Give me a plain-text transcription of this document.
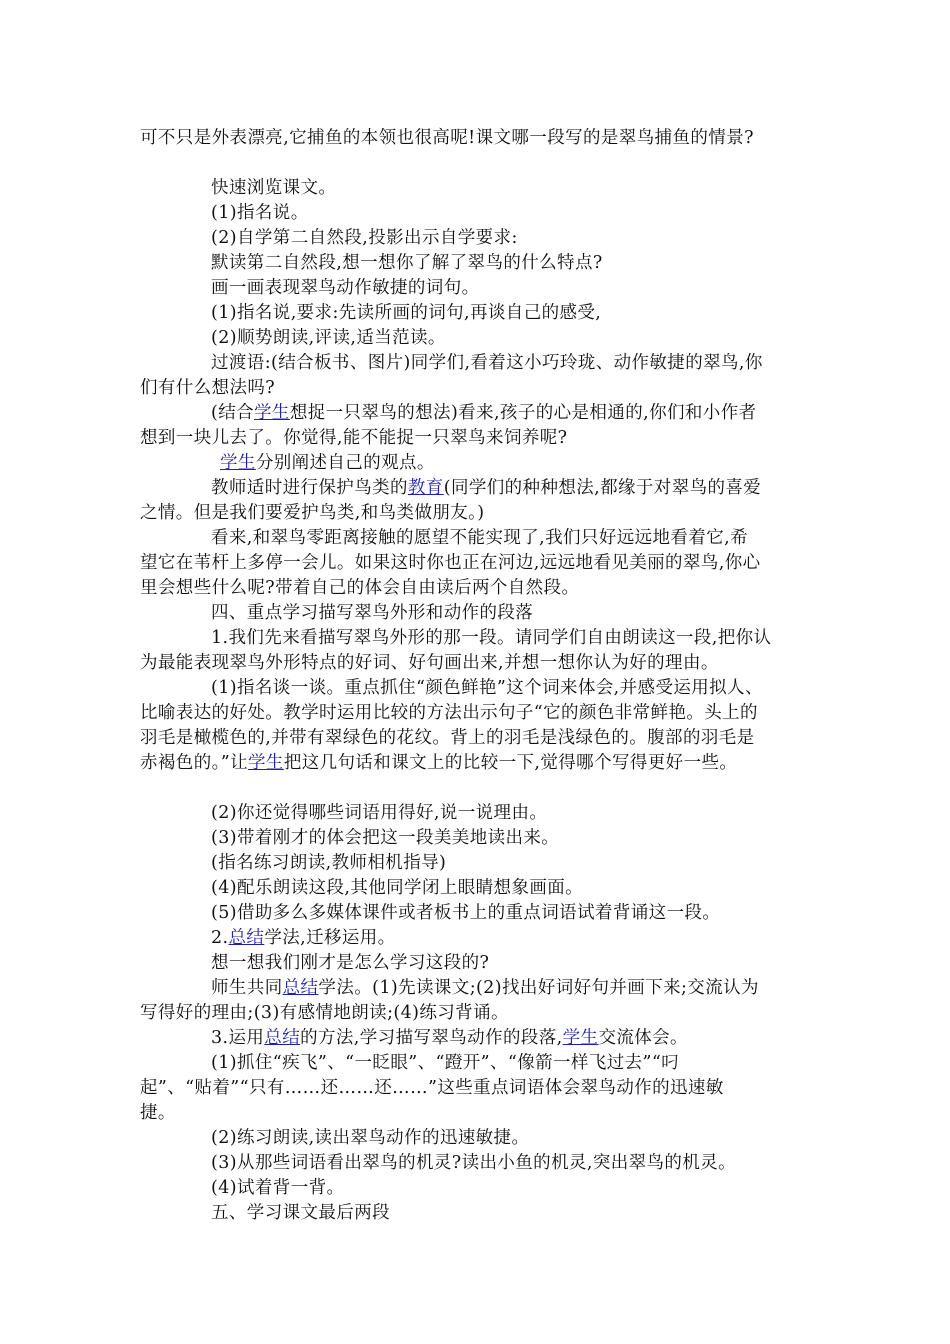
可不只是外表漂亮,它捕鱼的本领也很高呢!课文哪一段写的是翠鸟捕鱼的情景?
快速浏览课文。
(1)指名说。
(2)自学第二自然段,投影出示自学要求:
默读第二自然段,想一想你了解了翠鸟的什么特点?
画一画表现翠鸟动作敏捷的词句。
(1)指名说,要求:先读所画的词句,再谈自己的感受,
(2)顺势朗读,评读,适当范读。
过渡语:(结合板书、图片)同学们,看着这小巧玲珑、动作敏捷的翠鸟,你
们有什么想法吗?
(结合学生想捉一只翠鸟的想法)看来,孩子的心是相通的,你们和小作者
想到一块儿去了。你觉得,能不能捉一只翠鸟来饲养呢?
学生分别阐述自己的观点。
教师适时进行保护鸟类的教育(同学们的种种想法,都缘于对翠鸟的喜爱
之情。但是我们要爱护鸟类,和鸟类做朋友。)
看来,和翠鸟零距离接触的愿望不能实现了,我们只好远远地看着它,希
望它在苇杆上多停一会儿。如果这时你也正在河边,远远地看见美丽的翠鸟,你心
里会想些什么呢?带着自己的体会自由读后两个自然段。
四、重点学习描写翠鸟外形和动作的段落
1.我们先来看描写翠鸟外形的那一段。请同学们自由朗读这一段,把你认
为最能表现翠鸟外形特点的好词、好句画出来,并想一想你认为好的理由。
(1)指名谈一谈。重点抓住“颜色鲜艳”这个词来体会,并感受运用拟人、
比喻表达的好处。教学时运用比较的方法出示句子“它的颜色非常鲜艳。头上的
羽毛是橄榄色的,并带有翠绿色的花纹。背上的羽毛是浅绿色的。腹部的羽毛是
赤褐色的。”让学生把这几句话和课文上的比较一下,觉得哪个写得更好一些。
(2)你还觉得哪些词语用得好,说一说理由。
(3)带着刚才的体会把这一段美美地读出来。
(指名练习朗读,教师相机指导)
(4)配乐朗读这段,其他同学闭上眼睛想象画面。
(5)借助多么多媒体课件或者板书上的重点词语试着背诵这一段。
2.总结学法,迁移运用。
想一想我们刚才是怎么学习这段的?
师生共同总结学法。(1)先读课文;(2)找出好词好句并画下来;交流认为
写得好的理由;(3)有感情地朗读;(4)练习背诵。
3.运用总结的方法,学习描写翠鸟动作的段落,学生交流体会。
(1)抓住“疾飞”、“一眨眼”、“蹬开”、“像箭一样飞过去”“叼
起”、“贴着”“只有……还……还……”这些重点词语体会翠鸟动作的迅速敏
捷。
(2)练习朗读,读出翠鸟动作的迅速敏捷。
(3)从那些词语看出翠鸟的机灵?读出小鱼的机灵,突出翠鸟的机灵。
(4)试着背一背。
五、学习课文最后两段
